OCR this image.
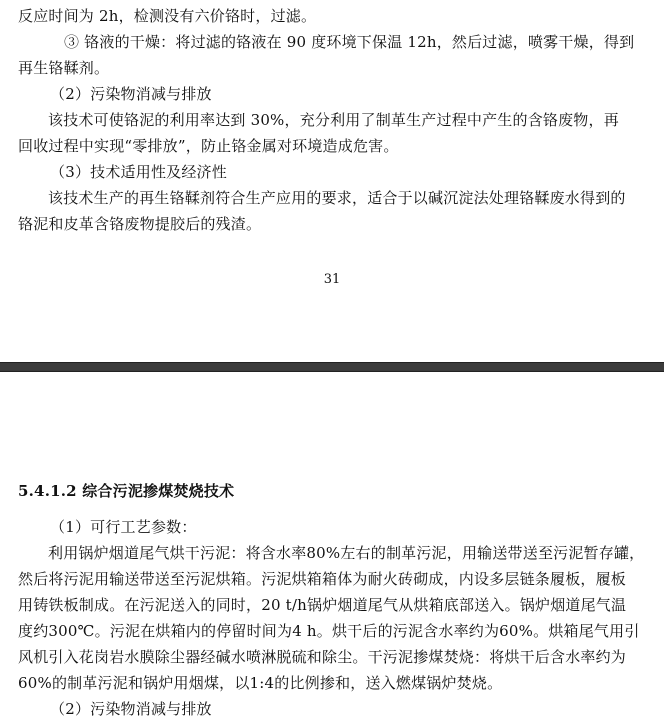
反应时间为 2h，检测没有六价铬时，过滤。

③ 铬液的干燥：将过滤的铬液在 90 度环境下保温 12h，然后过滤，喷雾干燥，得到

再生铬鞣剂。

（2）污染物消减与排放

该技术可使铬泥的利用率达到 30%，充分利用了制革生产过程中产生的含铬废物，再

回收过程中实现“零排放”，防止铬金属对环境造成危害。

（3）技术适用性及经济性

该技术生产的再生铬鞣剂符合生产应用的要求，适合于以碱沉淀法处理铬鞣废水得到的

铬泥和皮革含铬废物提胶后的残渣。

31

5.4.1.2 综合污泥掺煤焚烧技术

（1）可行工艺参数：

利用锅炉烟道尾气烘干污泥：将含水率80%左右的制革污泥，用输送带送至污泥暂存罐，

然后将污泥用输送带送至污泥烘箱。污泥烘箱箱体为耐火砖砌成，内设多层链条履板，履板

用铸铁板制成。在污泥送入的同时，20 t/h锅炉烟道尾气从烘箱底部送入。锅炉烟道尾气温

度约300℃。污泥在烘箱内的停留时间为4 h。烘干后的污泥含水率约为60%。烘箱尾气用引

风机引入花岗岩水膜除尘器经碱水喷淋脱硫和除尘。干污泥掺煤焚烧：将烘干后含水率约为

60%的制革污泥和锅炉用烟煤，以1:4的比例掺和，送入燃煤锅炉焚烧。

（2）污染物消减与排放
